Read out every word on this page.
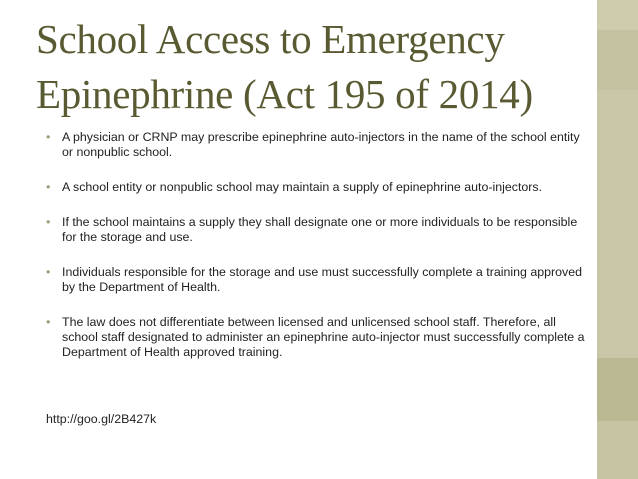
School Access to Emergency Epinephrine (Act 195 of 2014)
• A physician or CRNP may prescribe epinephrine auto-injectors in the name of the school entity or nonpublic school.
• A school entity or nonpublic school may maintain a supply of epinephrine auto-injectors.
• If the school maintains a supply they shall designate one or more individuals to be responsible for the storage and use.
• Individuals responsible for the storage and use must successfully complete a training approved by the Department of Health.
• The law does not differentiate between licensed and unlicensed school staff. Therefore, all school staff designated to administer an epinephrine auto-injector must successfully complete a Department of Health approved training.
http://goo.gl/2B427k
